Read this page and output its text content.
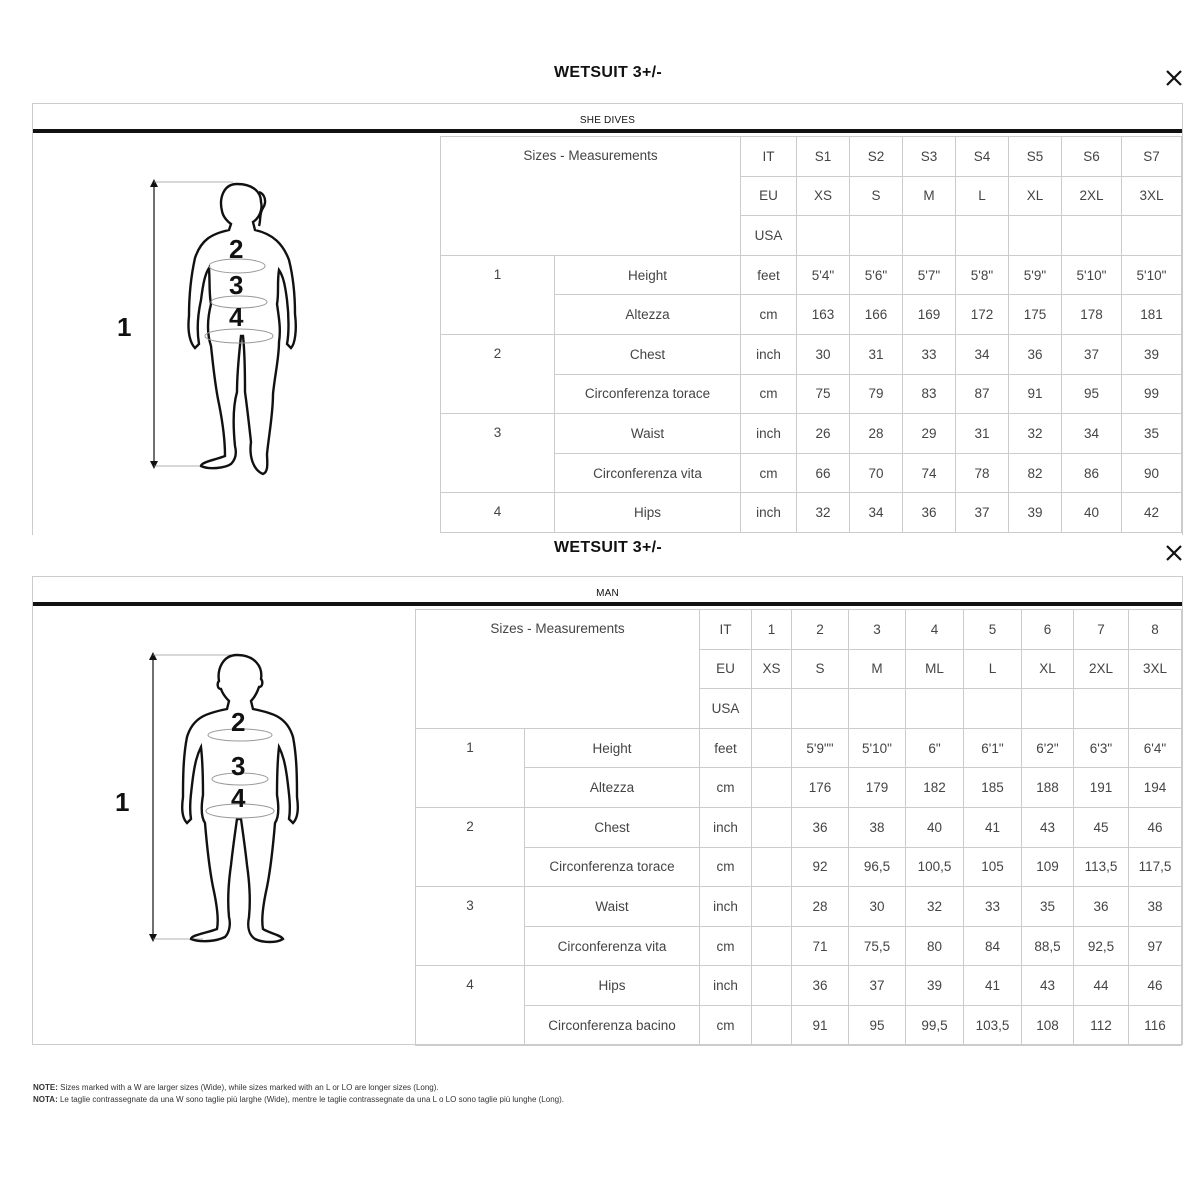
WETSUIT 3+/-
SHE DIVES
1
2
3
4
Sizes - Measurements		IT	S1	S2	S3	S4	S5	S6	S7
		EU	XS	S	M	L	XL	2XL	3XL
		USA							
1	Height	feet	5'4"	5'6"	5'7"	5'8"	5'9"	5'10"	5'10"
	Altezza	cm	163	166	169	172	175	178	181
2	Chest	inch	30	31	33	34	36	37	39
	Circonferenza torace	cm	75	79	83	87	91	95	99
3	Waist	inch	26	28	29	31	32	34	35
	Circonferenza vita	cm	66	70	74	78	82	86	90
4	Hips	inch	32	34	36	37	39	40	42
WETSUIT 3+/-
MAN
1
2
3
4
Sizes - Measurements		IT	1	2	3	4	5	6	7	8
		EU	XS	S	M	ML	L	XL	2XL	3XL
		USA								
1	Height	feet		5'9""	5'10"	6"	6'1"	6'2"	6'3"	6'4"
	Altezza	cm		176	179	182	185	188	191	194
2	Chest	inch		36	38	40	41	43	45	46
	Circonferenza torace	cm		92	96,5	100,5	105	109	113,5	117,5
3	Waist	inch		28	30	32	33	35	36	38
	Circonferenza vita	cm		71	75,5	80	84	88,5	92,5	97
4	Hips	inch		36	37	39	41	43	44	46
	Circonferenza bacino	cm		91	95	99,5	103,5	108	112	116
NOTE: Sizes marked with a W are larger sizes (Wide), while sizes marked with an L or LO are longer sizes (Long).
NOTA: Le taglie contrassegnate da una W sono taglie più larghe (Wide), mentre le taglie contrassegnate da una L o LO sono taglie più lunghe (Long).
